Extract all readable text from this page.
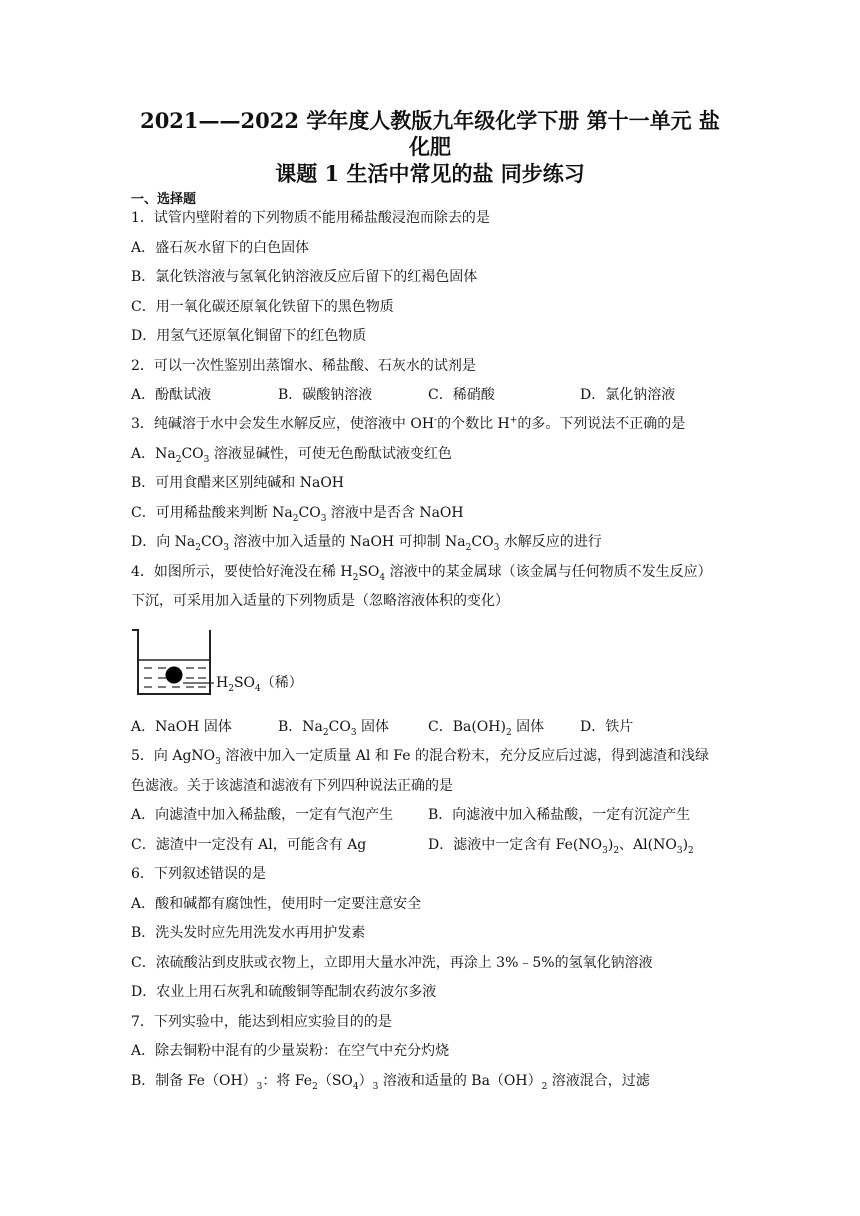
2021——2022 学年度人教版九年级化学下册 第十一单元 盐
化肥
课题 1 生活中常见的盐 同步练习
一、选择题
1．试管内壁附着的下列物质不能用稀盐酸浸泡而除去的是
A．盛石灰水留下的白色固体
B．氯化铁溶液与氢氧化钠溶液反应后留下的红褐色固体
C．用一氧化碳还原氧化铁留下的黑色物质
D．用氢气还原氧化铜留下的红色物质
2．可以一次性鉴别出蒸馏水、稀盐酸、石灰水的试剂是
A．酚酞试液	B．碳酸钠溶液	C．稀硝酸	D．氯化钠溶液
3．纯碱溶于水中会发生水解反应，使溶液中 OH-的个数比 H+的多。下列说法不正确的是
A．$Na_2CO_3$ 溶液显碱性，可使无色酚酞试液变红色
B．可用食醋来区别纯碱和 NaOH
C．可用稀盐酸来判断 $Na_2CO_3$ 溶液中是否含 NaOH
D．向 $Na_2CO_3$ 溶液中加入适量的 NaOH 可抑制 $Na_2CO_3$ 水解反应的进行
4．如图所示，要使恰好淹没在稀 $H_2SO_4$ 溶液中的某金属球（该金属与任何物质不发生反应）
下沉，可采用加入适量的下列物质是（忽略溶液体积的变化）
$H_2SO_4$（稀）
A．NaOH 固体	B．$Na_2CO_3$ 固体	C．$Ba(OH)_2$ 固体	D．铁片
5．向 AgNO$_3$ 溶液中加入一定质量 Al 和 Fe 的混合粉末，充分反应后过滤，得到滤渣和浅绿
色滤液。关于该滤渣和滤液有下列四种说法正确的是
A．向滤渣中加入稀盐酸，一定有气泡产生 B．向滤液中加入稀盐酸，一定有沉淀产生
C．滤渣中一定没有 Al，可能含有 Ag	D．滤液中一定含有 $Fe(NO_3)_2$、$Al(NO_3)_2$
6．下列叙述错误的是
A．酸和碱都有腐蚀性，使用时一定要注意安全
B．洗头发时应先用洗发水再用护发素
C．浓硫酸沾到皮肤或衣物上，立即用大量水冲洗，再涂上 3%﹣5%的氢氧化钠溶液
D．农业上用石灰乳和硫酸铜等配制农药波尔多液
7．下列实验中，能达到相应实验目的的是
A．除去铜粉中混有的少量炭粉：在空气中充分灼烧
B．制备 $Fe(OH)_3$：将 $Fe_2(SO_4)_3$ 溶液和适量的 $Ba(OH)_2$ 溶液混合，过滤
